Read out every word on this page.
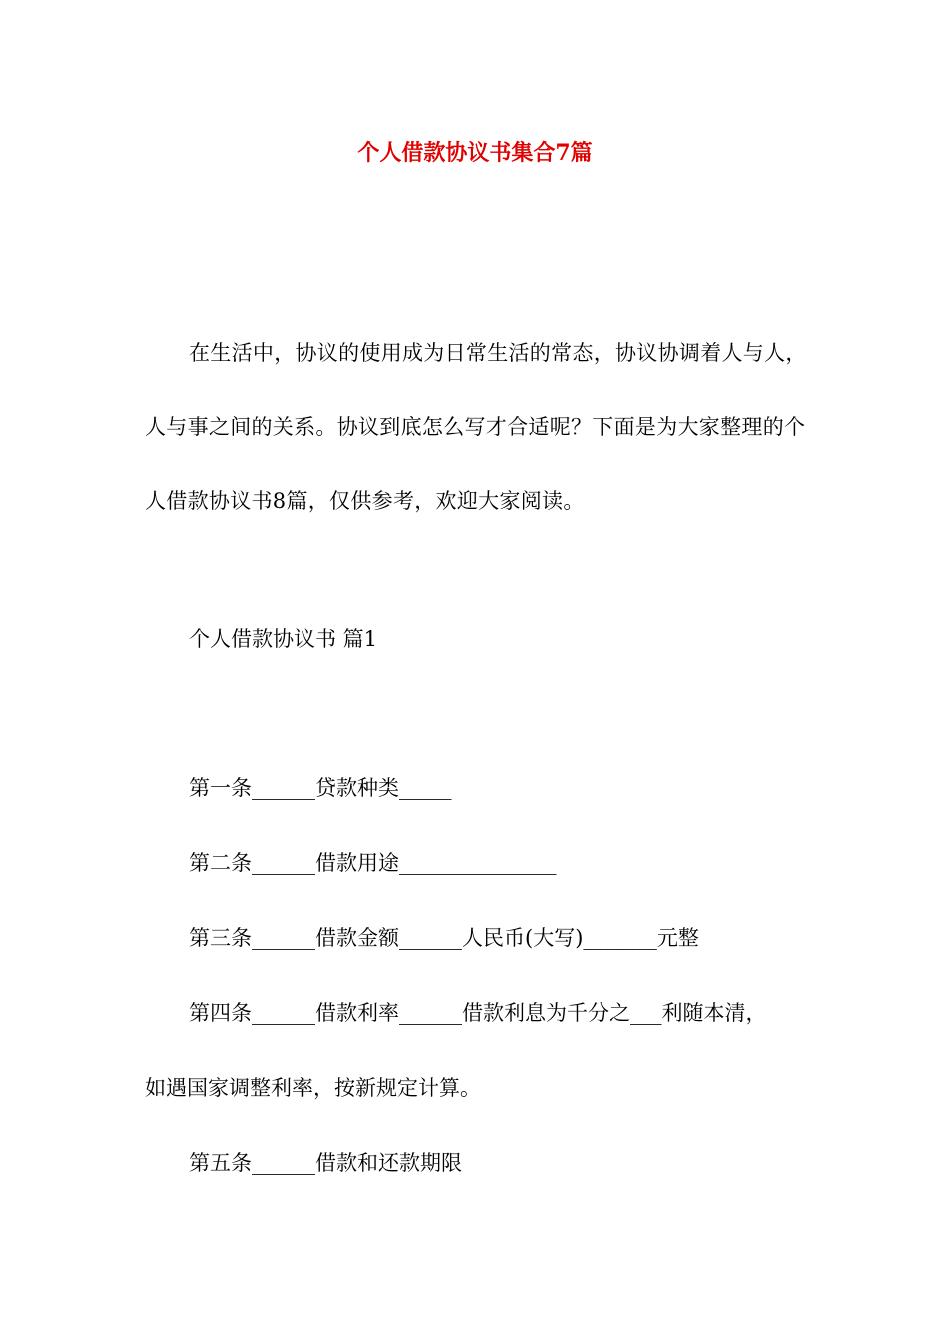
个人借款协议书集合7篇

在生活中，协议的使用成为日常生活的常态，协议协调着人与人，人与事之间的关系。协议到底怎么写才合适呢？下面是为大家整理的个人借款协议书8篇，仅供参考，欢迎大家阅读。

个人借款协议书 篇1

第一条______贷款种类_____

第二条______借款用途_______________

第三条______借款金额______人民币(大写)_______元整

第四条______借款利率______借款利息为千分之___利随本清，

如遇国家调整利率，按新规定计算。

第五条______借款和还款期限
